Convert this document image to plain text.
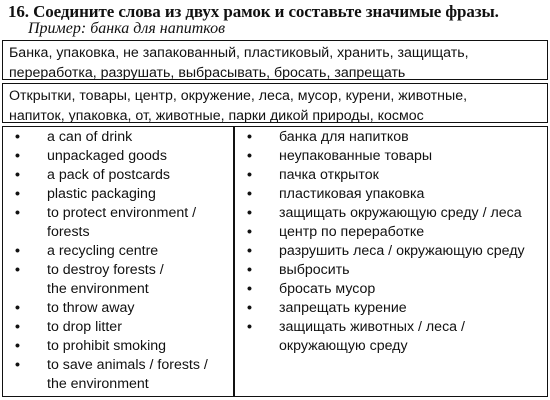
16. Соедините слова из двух рамок и составьте значимые фразы.
Пример: банка для напитков
Банка, упаковка, не запакованный, пластиковый, хранить, защищать,
переработка, разрушать, выбрасывать, бросать, запрещать
Открытки, товары, центр, окружение, леса, мусор, курени, животные,
напиток, упаковка, от, животные, парки дикой природы, космос
• a can of drink
• unpackaged goods
• a pack of postcards
• plastic packaging
• to protect environment /
forests
• a recycling centre
• to destroy forests /
the environment
• to throw away
• to drop litter
• to prohibit smoking
• to save animals / forests /
the environment
• банка для напитков
• неупакованные товары
• пачка открыток
• пластиковая упаковка
• защищать окружающую среду / леса
• центр по переработке
• разрушить леса / окружающую среду
• выбросить
• бросать мусор
• запрещать курение
• защищать животных / леса /
окружающую среду
